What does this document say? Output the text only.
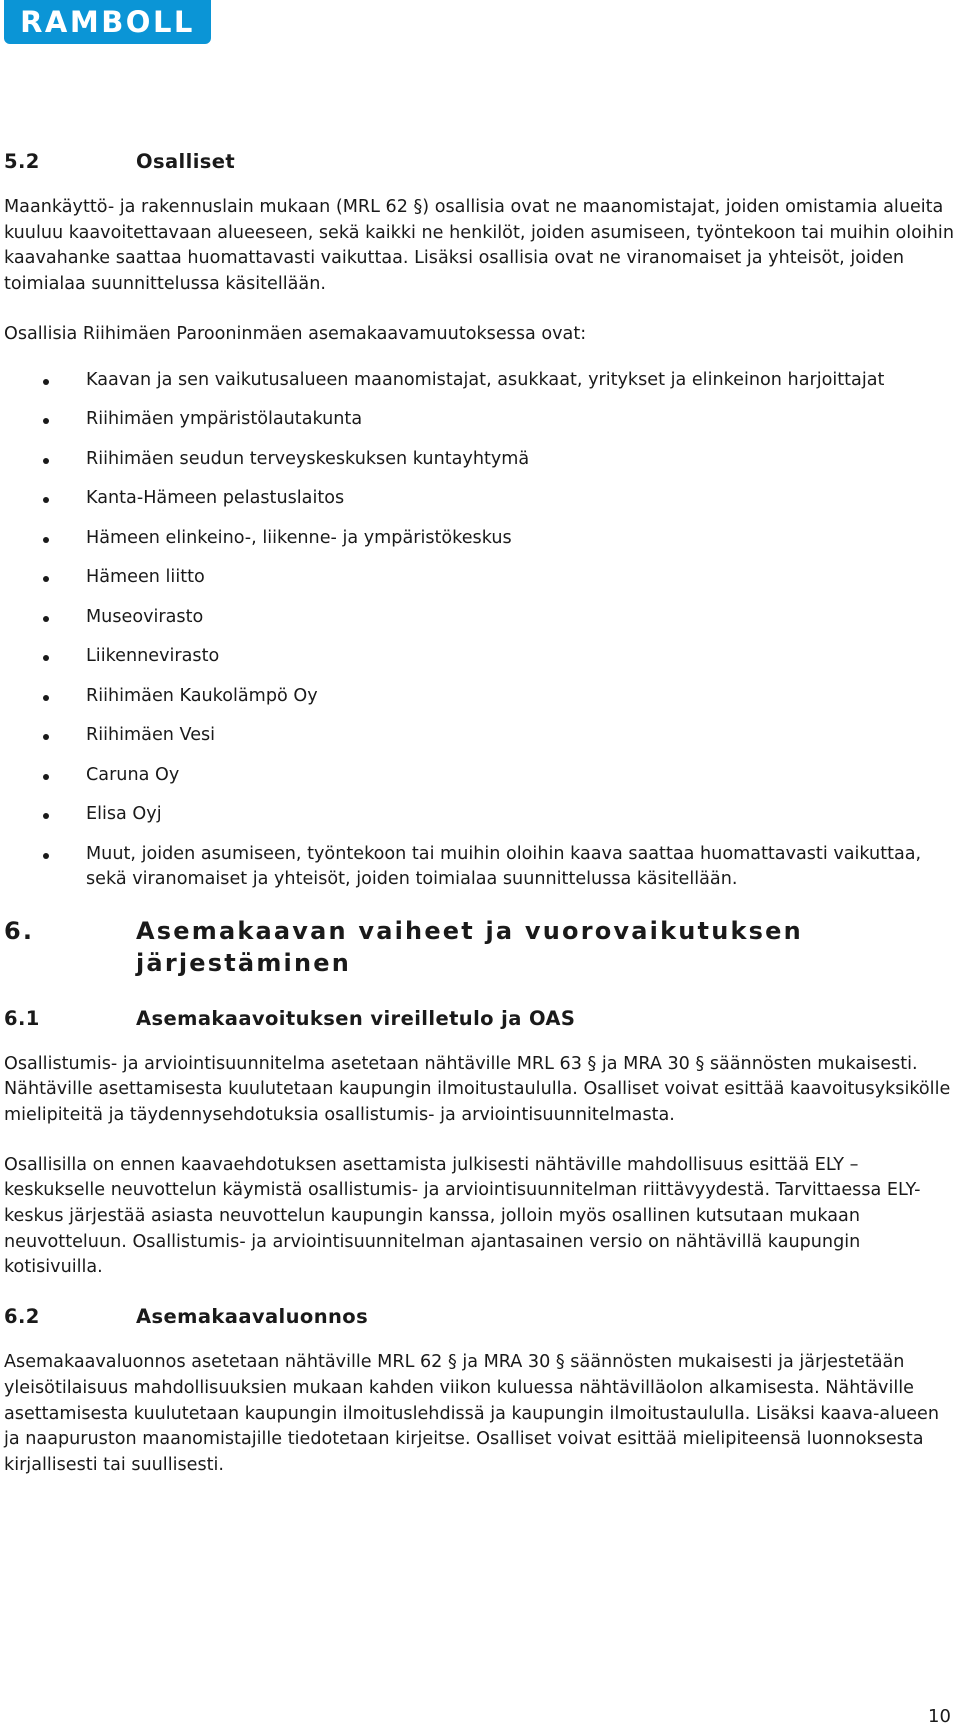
RAMBOLL
5.2	Osalliset

Maankäyttö- ja rakennuslain mukaan (MRL 62 §) osallisia ovat ne maanomistajat, joiden omistamia alueita kuuluu kaavoitettavaan alueeseen, sekä kaikki ne henkilöt, joiden asumiseen, työntekoon tai muihin oloihin kaavahanke saattaa huomattavasti vaikuttaa. Lisäksi osallisia ovat ne viranomaiset ja yhteisöt, joiden toimialaa suunnittelussa käsitellään.

Osallisia Riihimäen Parooninmäen asemakaavamuutoksessa ovat:

Kaavan ja sen vaikutusalueen maanomistajat, asukkaat, yritykset ja elinkeinon harjoittajat
Riihimäen ympäristölautakunta
Riihimäen seudun terveyskeskuksen kuntayhtymä
Kanta-Hämeen pelastuslaitos
Hämeen elinkeino-, liikenne- ja ympäristökeskus
Hämeen liitto
Museovirasto
Liikennevirasto
Riihimäen Kaukolämpö Oy
Riihimäen Vesi
Caruna Oy
Elisa Oyj
Muut, joiden asumiseen, työntekoon tai muihin oloihin kaava saattaa huomattavasti vaikuttaa, sekä viranomaiset ja yhteisöt, joiden toimialaa suunnittelussa käsitellään.
6.	Asemakaavan vaiheet ja vuorovaikutuksen järjestäminen
6.1	Asemakaavoituksen vireilletulo ja OAS

Osallistumis- ja arviointisuunnitelma asetetaan nähtäville MRL 63 § ja MRA 30 § säännösten mukaisesti. Nähtäville asettamisesta kuulutetaan kaupungin ilmoitustaululla. Osalliset voivat esittää kaavoitusyksikölle mielipiteitä ja täydennysehdotuksia osallistumis- ja arviointisuunnitelmasta.

Osallisilla on ennen kaavaehdotuksen asettamista julkisesti nähtäville mahdollisuus esittää ELY –keskukselle neuvottelun käymistä osallistumis- ja arviointisuunnitelman riittävyydestä. Tarvittaessa ELY-keskus järjestää asiasta neuvottelun kaupungin kanssa, jolloin myös osallinen kutsutaan mukaan neuvotteluun. Osallistumis- ja arviointisuunnitelman ajantasainen versio on nähtävillä kaupungin kotisivuilla.

6.2	Asemakaavaluonnos

Asemakaavaluonnos asetetaan nähtäville MRL 62 § ja MRA 30 § säännösten mukaisesti ja järjestetään yleisötilaisuus mahdollisuuksien mukaan kahden viikon kuluessa nähtävilläolon alkamisesta. Nähtäville asettamisesta kuulutetaan kaupungin ilmoituslehdissä ja kaupungin ilmoitustaululla. Lisäksi kaava-alueen ja naapuruston maanomistajille tiedotetaan kirjeitse. Osalliset voivat esittää mielipiteensä luonnoksesta kirjallisesti tai suullisesti.

10
